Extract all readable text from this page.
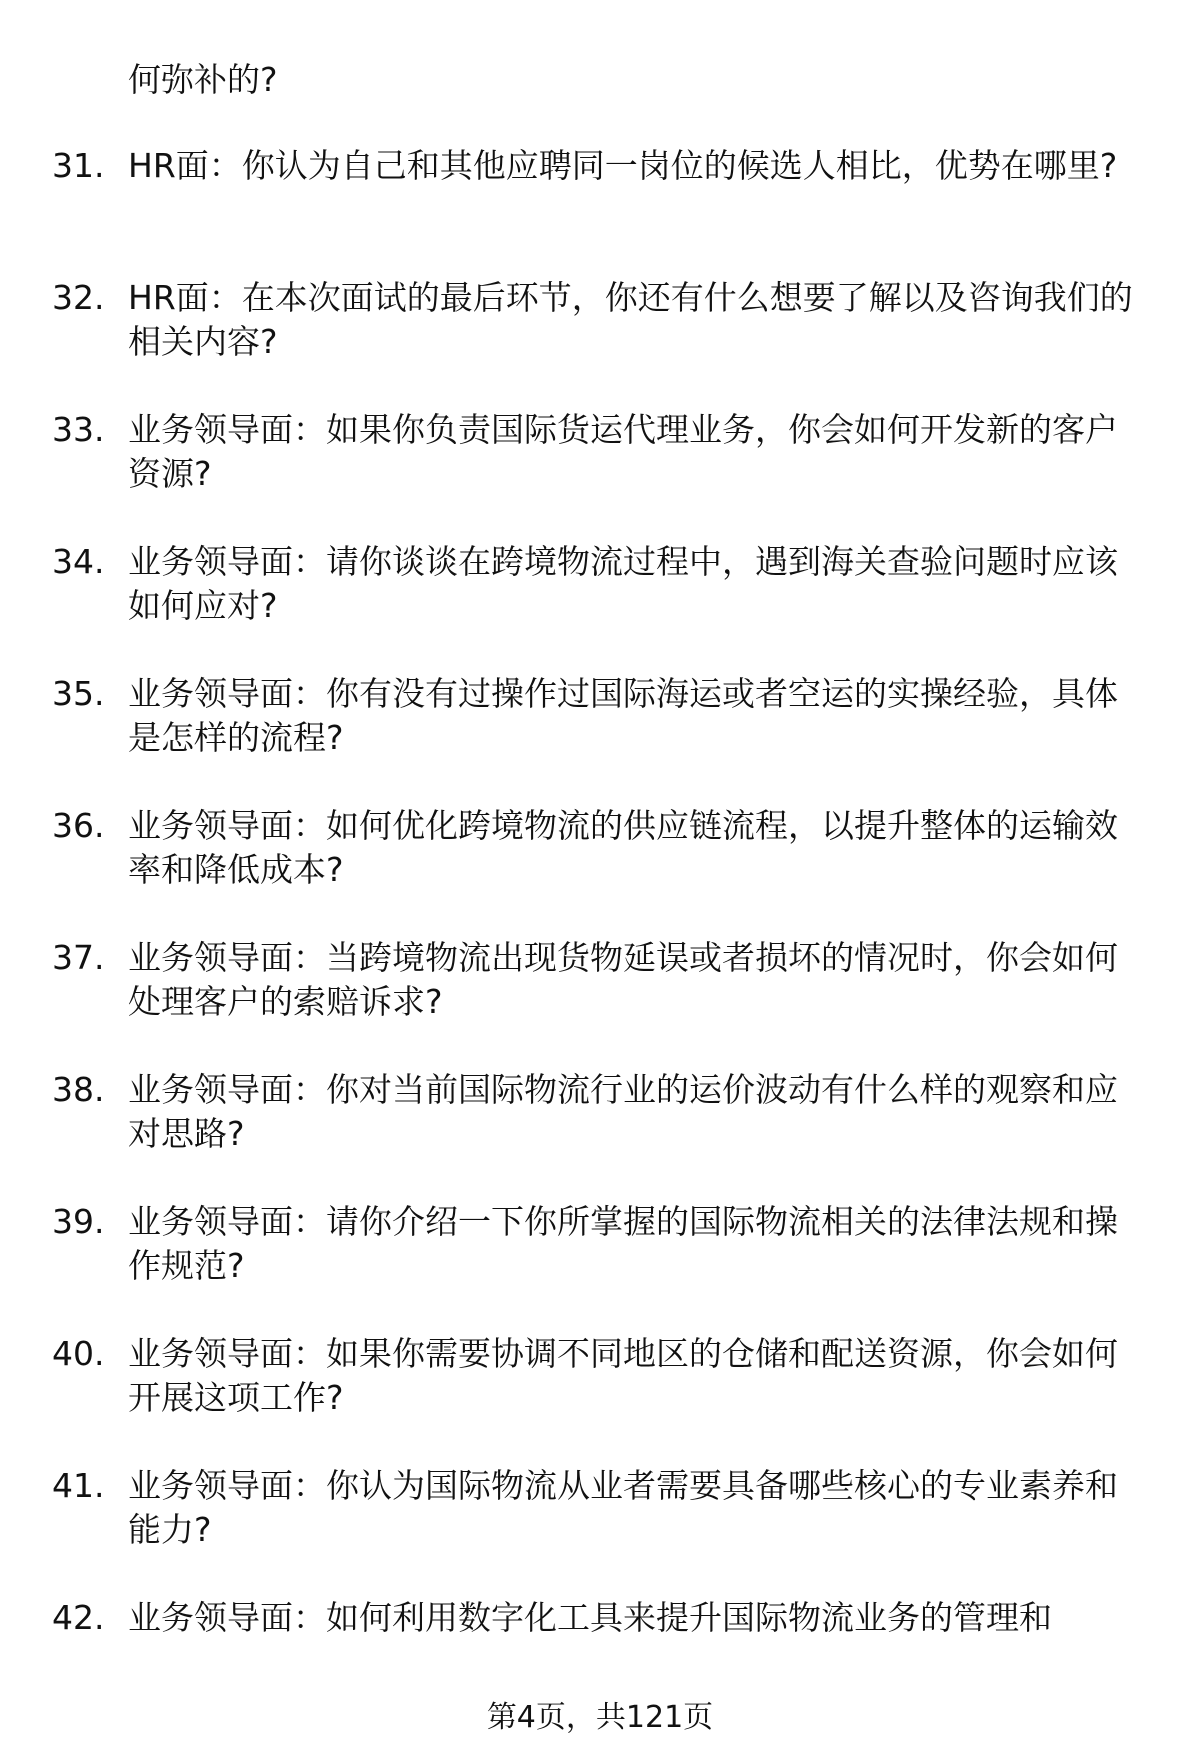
何弥补的?

31. HR面：你认为自己和其他应聘同一岗位的候选人相比，优势在哪里?

32. HR面：在本次面试的最后环节，你还有什么想要了解以及咨询我们的相关内容?

33. 业务领导面：如果你负责国际货运代理业务，你会如何开发新的客户资源?

34. 业务领导面：请你谈谈在跨境物流过程中，遇到海关查验问题时应该如何应对?

35. 业务领导面：你有没有过操作过国际海运或者空运的实操经验，具体是怎样的流程?

36. 业务领导面：如何优化跨境物流的供应链流程，以提升整体的运输效率和降低成本?

37. 业务领导面：当跨境物流出现货物延误或者损坏的情况时，你会如何处理客户的索赔诉求?

38. 业务领导面：你对当前国际物流行业的运价波动有什么样的观察和应对思路?

39. 业务领导面：请你介绍一下你所掌握的国际物流相关的法律法规和操作规范?

40. 业务领导面：如果你需要协调不同地区的仓储和配送资源，你会如何开展这项工作?

41. 业务领导面：你认为国际物流从业者需要具备哪些核心的专业素养和能力?

42. 业务领导面：如何利用数字化工具来提升国际物流业务的管理和

第4页，共121页
